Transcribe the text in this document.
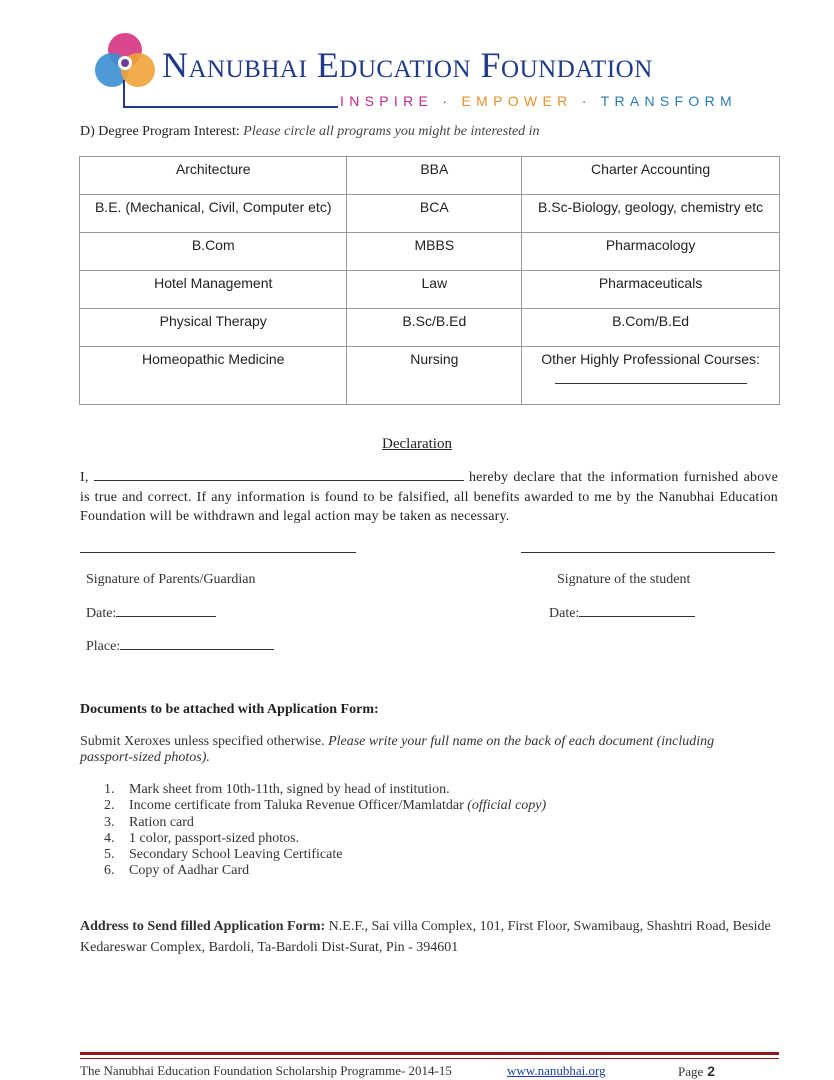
Nanubhai Education Foundation
INSPIRE · EMPOWER · TRANSFORM
D) Degree Program Interest: Please circle all programs you might be interested in
Architecture	BBA	Charter Accounting
B.E. (Mechanical, Civil, Computer etc)	BCA	B.Sc-Biology, geology, chemistry etc
B.Com	MBBS	Pharmacology
Hotel Management	Law	Pharmaceuticals
Physical Therapy	B.Sc/B.Ed	B.Com/B.Ed
Homeopathic Medicine	Nursing	Other Highly Professional Courses:
Declaration
I,	hereby declare that the information furnished above is true and correct. If any information is found to be falsified, all benefits awarded to me by the Nanubhai Education Foundation will be withdrawn and legal action may be taken as necessary.
Signature of Parents/Guardian	Signature of the student
Date:	Date:
Place:
Documents to be attached with Application Form:
Submit Xeroxes unless specified otherwise. Please write your full name on the back of each document (including passport-sized photos).
1. Mark sheet from 10th-11th, signed by head of institution.
2. Income certificate from Taluka Revenue Officer/Mamlatdar (official copy)
3. Ration card
4. 1 color, passport-sized photos.
5. Secondary School Leaving Certificate
6. Copy of Aadhar Card
Address to Send filled Application Form: N.E.F., Sai villa Complex, 101, First Floor, Swamibaug, Shashtri Road, Beside Kedareswar Complex, Bardoli, Ta-Bardoli Dist-Surat, Pin - 394601
The Nanubhai Education Foundation Scholarship Programme- 2014-15	www.nanubhai.org	Page 2
